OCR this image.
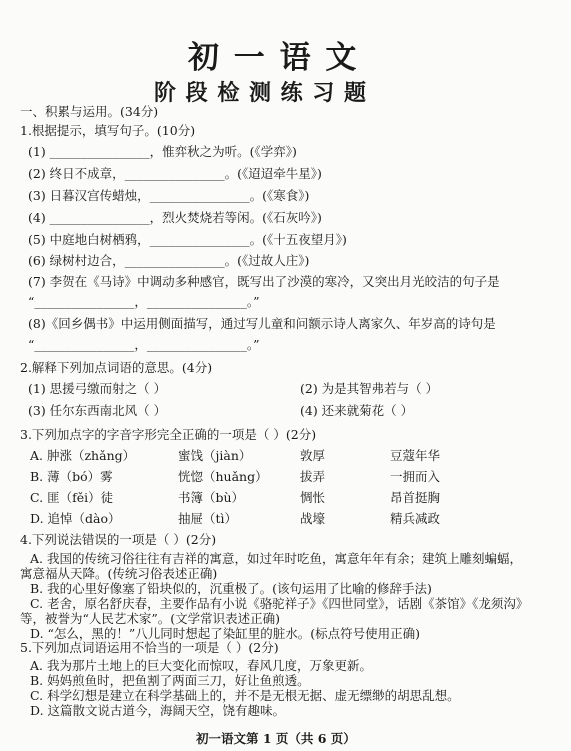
初 一 语 文
阶 段 检 测 练 习 题
一、积累与运用。(34分)
1.根据提示，填写句子。(10分)
(1) ________________，惟弈秋之为听。(《学弈》)
(2) 终日不成章，________________。(《迢迢牵牛星》)
(3) 日暮汉宫传蜡烛，________________。(《寒食》)
(4) ________________，烈火焚烧若等闲。(《石灰吟》)
(5) 中庭地白树栖鸦，________________。(《十五夜望月》)
(6) 绿树村边合，________________。(《过故人庄》)
(7) 李贺在《马诗》中调动多种感官，既写出了沙漠的寒冷，又突出月光皎洁的句子是
“________________，________________。”
(8)《回乡偶书》中运用侧面描写，通过写儿童和问额示诗人离家久、年岁高的诗句是
“________________，________________。”
2.解释下列加点词语的意思。(4分)
(1) 思援弓缴而射之（ ）	(2) 为是其智弗若与（ ）
(3) 任尔东西南北风（ ）	(4) 还来就菊花（ ）
3.下列加点字的字音字形完全正确的一项是（ ）(2分)
A. 肿涨（zhǎng）	蜜饯（jiàn）	敦厚	豆蔻年华
B. 薄（bó）雾	恍惚（huǎng）	拔弄	一拥而入
C. 匪（fěi）徒	书簿（bù）	惆怅	昂首挺胸
D. 追悼（dào）	抽屉（tì）	战壕	精兵减政
4.下列说法错误的一项是（ ）(2分)
A. 我国的传统习俗往往有吉祥的寓意，如过年时吃鱼，寓意年年有余；建筑上雕刻蝙蝠，
寓意福从天降。(传统习俗表述正确)
B. 我的心里好像塞了铅块似的，沉重极了。(该句运用了比喻的修辞手法)
C. 老舍，原名舒庆春，主要作品有小说《骆驼祥子》《四世同堂》，话剧《茶馆》《龙须沟》
等，被誉为“人民艺术家”。(文学常识表述正确)
D. “怎么，黑的！”八儿同时想起了染缸里的脏水。(标点符号使用正确)
5.下列加点词语运用不恰当的一项是（ ）(2分)
A. 我为那片土地上的巨大变化而惊叹，春风几度，万象更新。
B. 妈妈煎鱼时，把鱼割了两面三刀，好让鱼煎透。
C. 科学幻想是建立在科学基础上的，并不是无根无据、虚无缥缈的胡思乱想。
D. 这篇散文说古道今，海阔天空，饶有趣味。
初一语文第 1 页（共 6 页）
